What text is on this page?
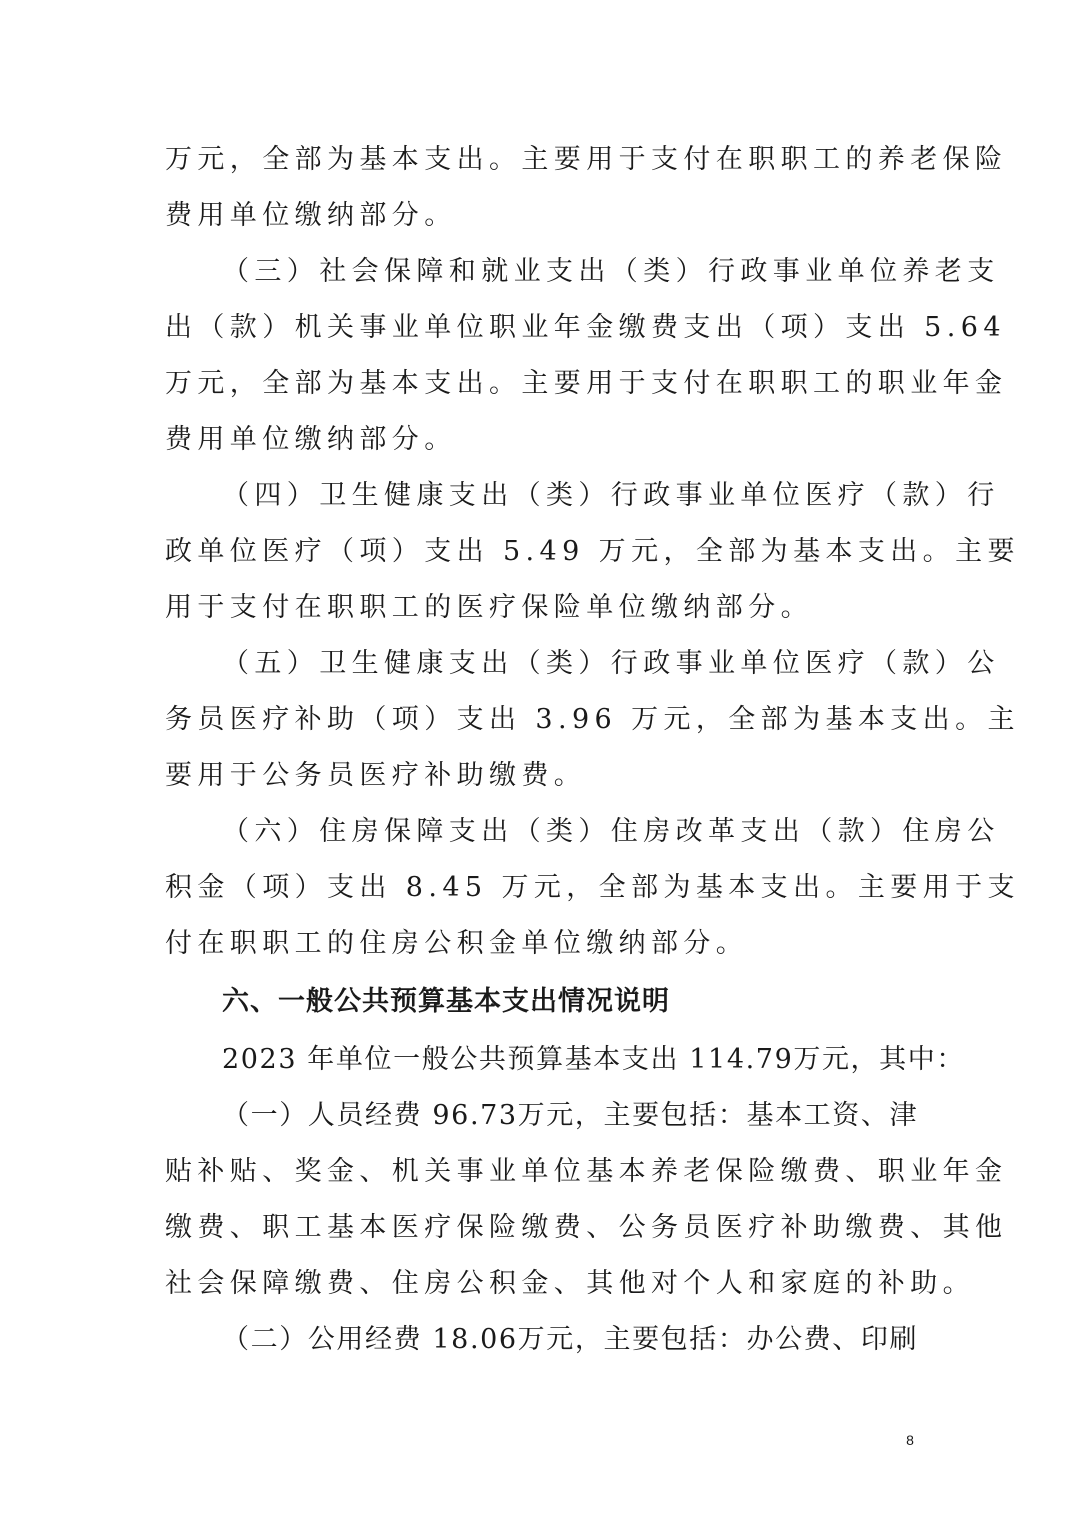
万元，全部为基本支出。主要用于支付在职职工的养老保险

费用单位缴纳部分。

（三）社会保障和就业支出（类）行政事业单位养老支

出（款）机关事业单位职业年金缴费支出（项）支出 5.64

万元，全部为基本支出。主要用于支付在职职工的职业年金

费用单位缴纳部分。

（四）卫生健康支出（类）行政事业单位医疗（款）行

政单位医疗（项）支出 5.49 万元，全部为基本支出。主要

用于支付在职职工的医疗保险单位缴纳部分。

（五）卫生健康支出（类）行政事业单位医疗（款）公

务员医疗补助（项）支出 3.96 万元，全部为基本支出。主

要用于公务员医疗补助缴费。

（六）住房保障支出（类）住房改革支出（款）住房公

积金（项）支出 8.45 万元，全部为基本支出。主要用于支

付在职职工的住房公积金单位缴纳部分。

六、一般公共预算基本支出情况说明

2023 年单位一般公共预算基本支出 114.79万元，其中：

（一）人员经费 96.73万元，主要包括：基本工资、津

贴补贴、奖金、机关事业单位基本养老保险缴费、职业年金

缴费、职工基本医疗保险缴费、公务员医疗补助缴费、其他

社会保障缴费、住房公积金、其他对个人和家庭的补助。

（二）公用经费 18.06万元，主要包括：办公费、印刷

8
